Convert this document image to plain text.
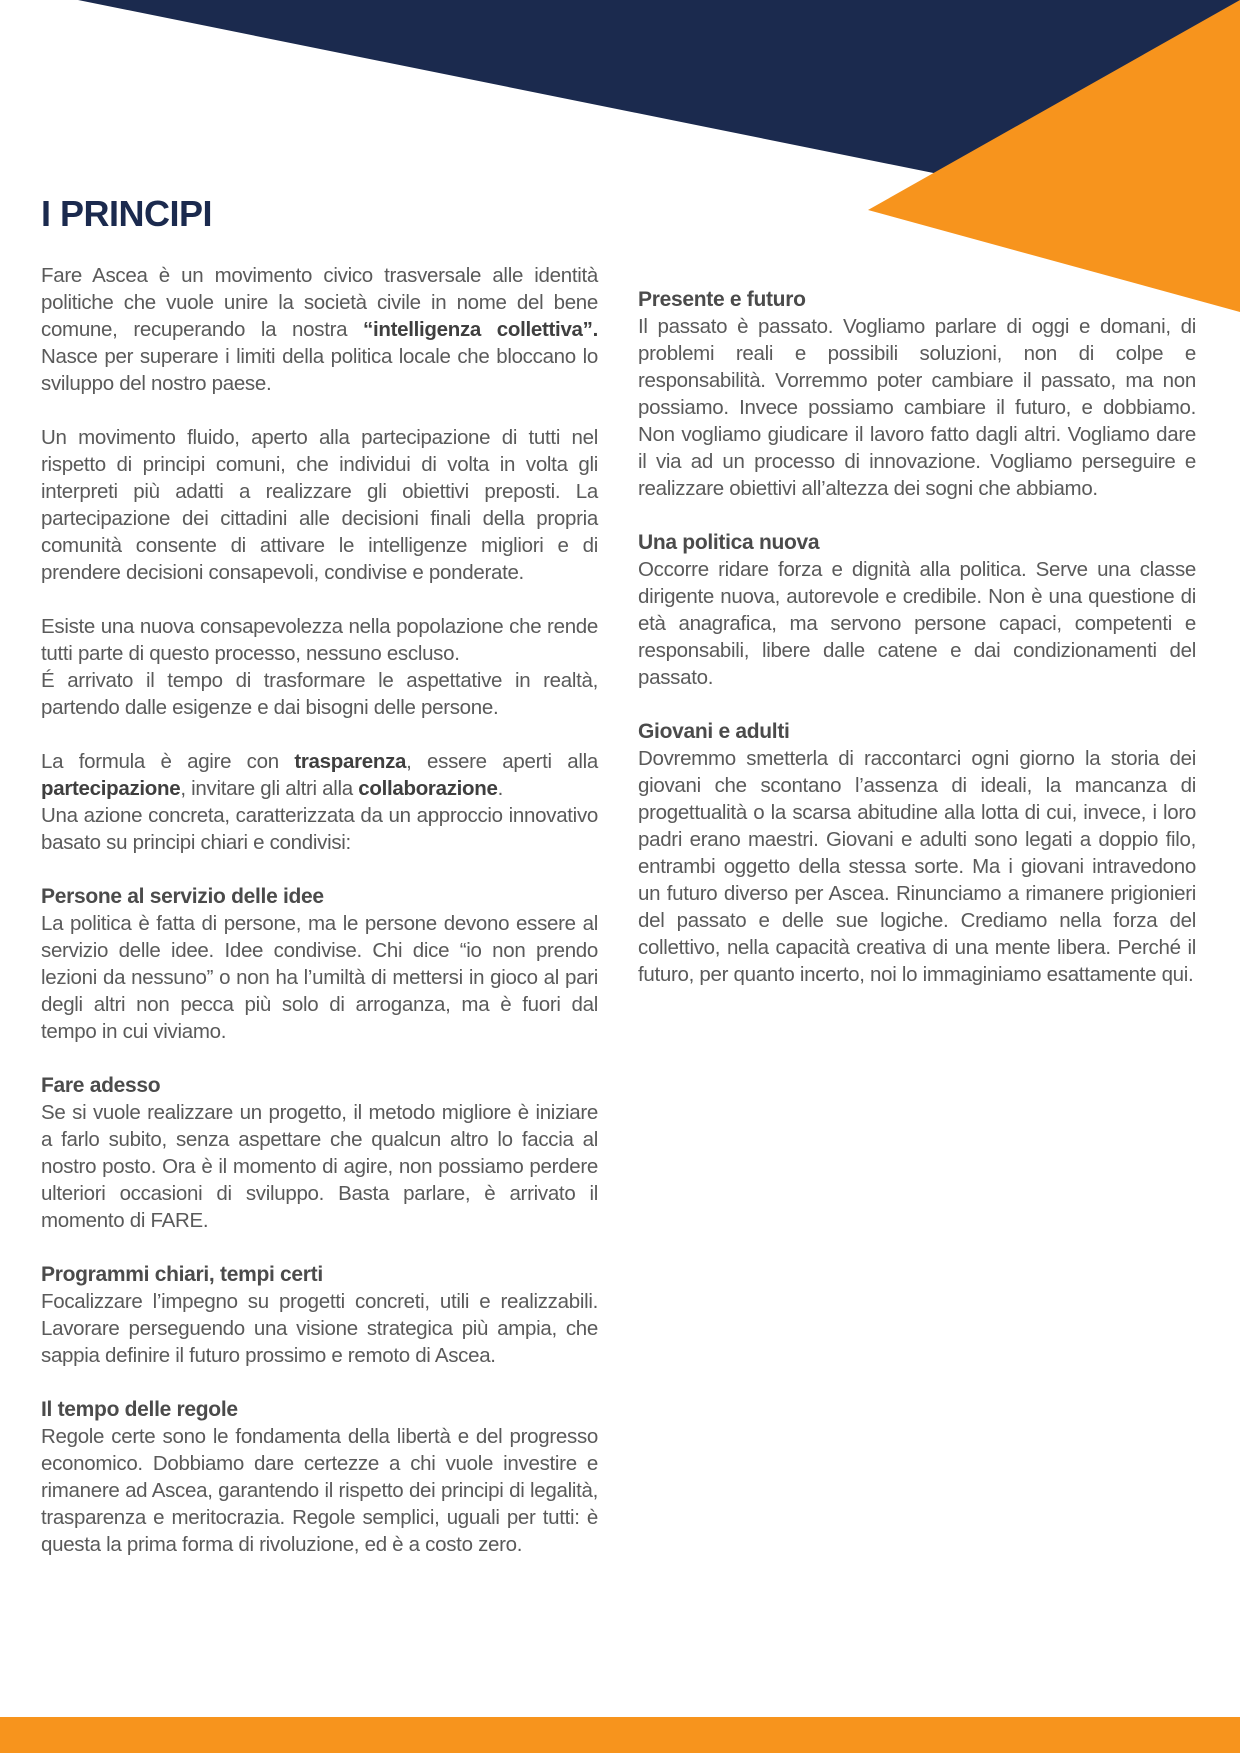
I PRINCIPI

Fare Ascea è un movimento civico trasversale alle identità politiche che vuole unire la società civile in nome del bene comune, recuperando la nostra “intelligenza collettiva”. Nasce per superare i limiti della politica locale che bloccano lo sviluppo del nostro paese.

Un movimento fluido, aperto alla partecipazione di tutti nel rispetto di principi comuni, che individui di volta in volta gli interpreti più adatti a realizzare gli obiettivi preposti. La partecipazione dei cittadini alle decisioni finali della propria comunità consente di attivare le intelligenze migliori e di prendere decisioni consapevoli, condivise e ponderate.

Esiste una nuova consapevolezza nella popolazione che rende tutti parte di questo processo, nessuno escluso.

É arrivato il tempo di trasformare le aspettative in realtà, partendo dalle esigenze e dai bisogni delle persone.

La formula è agire con trasparenza, essere aperti alla partecipazione, invitare gli altri alla collaborazione.

Una azione concreta, caratterizzata da un approccio innovativo basato su principi chiari e condivisi:

Persone al servizio delle idee

La politica è fatta di persone, ma le persone devono essere al servizio delle idee. Idee condivise. Chi dice “io non prendo lezioni da nessuno” o non ha l’umiltà di mettersi in gioco al pari degli altri non pecca più solo di arroganza, ma è fuori dal tempo in cui viviamo.

Fare adesso

Se si vuole realizzare un progetto, il metodo migliore è iniziare a farlo subito, senza aspettare che qualcun altro lo faccia al nostro posto. Ora è il momento di agire, non possiamo perdere ulteriori occasioni di sviluppo. Basta parlare, è arrivato il momento di FARE.

Programmi chiari, tempi certi

Focalizzare l’impegno su progetti concreti, utili e realizzabili. Lavorare perseguendo una visione strategica più ampia, che sappia definire il futuro prossimo e remoto di Ascea.

Il tempo delle regole

Regole certe sono le fondamenta della libertà e del progresso economico. Dobbiamo dare certezze a chi vuole investire e rimanere ad Ascea, garantendo il rispetto dei principi di legalità, trasparenza e meritocrazia. Regole semplici, uguali per tutti: è questa la prima forma di rivoluzione, ed è a costo zero.

Presente e futuro

Il passato è passato. Vogliamo parlare di oggi e domani, di problemi reali e possibili soluzioni, non di colpe e responsabilità. Vorremmo poter cambiare il passato, ma non possiamo. Invece possiamo cambiare il futuro, e dobbiamo. Non vogliamo giudicare il lavoro fatto dagli altri. Vogliamo dare il via ad un processo di innovazione. Vogliamo perseguire e realizzare obiettivi all’altezza dei sogni che abbiamo.

Una politica nuova

Occorre ridare forza e dignità alla politica. Serve una classe dirigente nuova, autorevole e credibile. Non è una questione di età anagrafica, ma servono persone capaci, competenti e responsabili, libere dalle catene e dai condizionamenti del passato.

Giovani e adulti

Dovremmo smetterla di raccontarci ogni giorno la storia dei giovani che scontano l’assenza di ideali, la mancanza di progettualità o la scarsa abitudine alla lotta di cui, invece, i loro padri erano maestri. Giovani e adulti sono legati a doppio filo, entrambi oggetto della stessa sorte. Ma i giovani intravedono un futuro diverso per Ascea. Rinunciamo a rimanere prigionieri del passato e delle sue logiche. Crediamo nella forza del collettivo, nella capacità creativa di una mente libera. Perché il futuro, per quanto incerto, noi lo immaginiamo esattamente qui.
